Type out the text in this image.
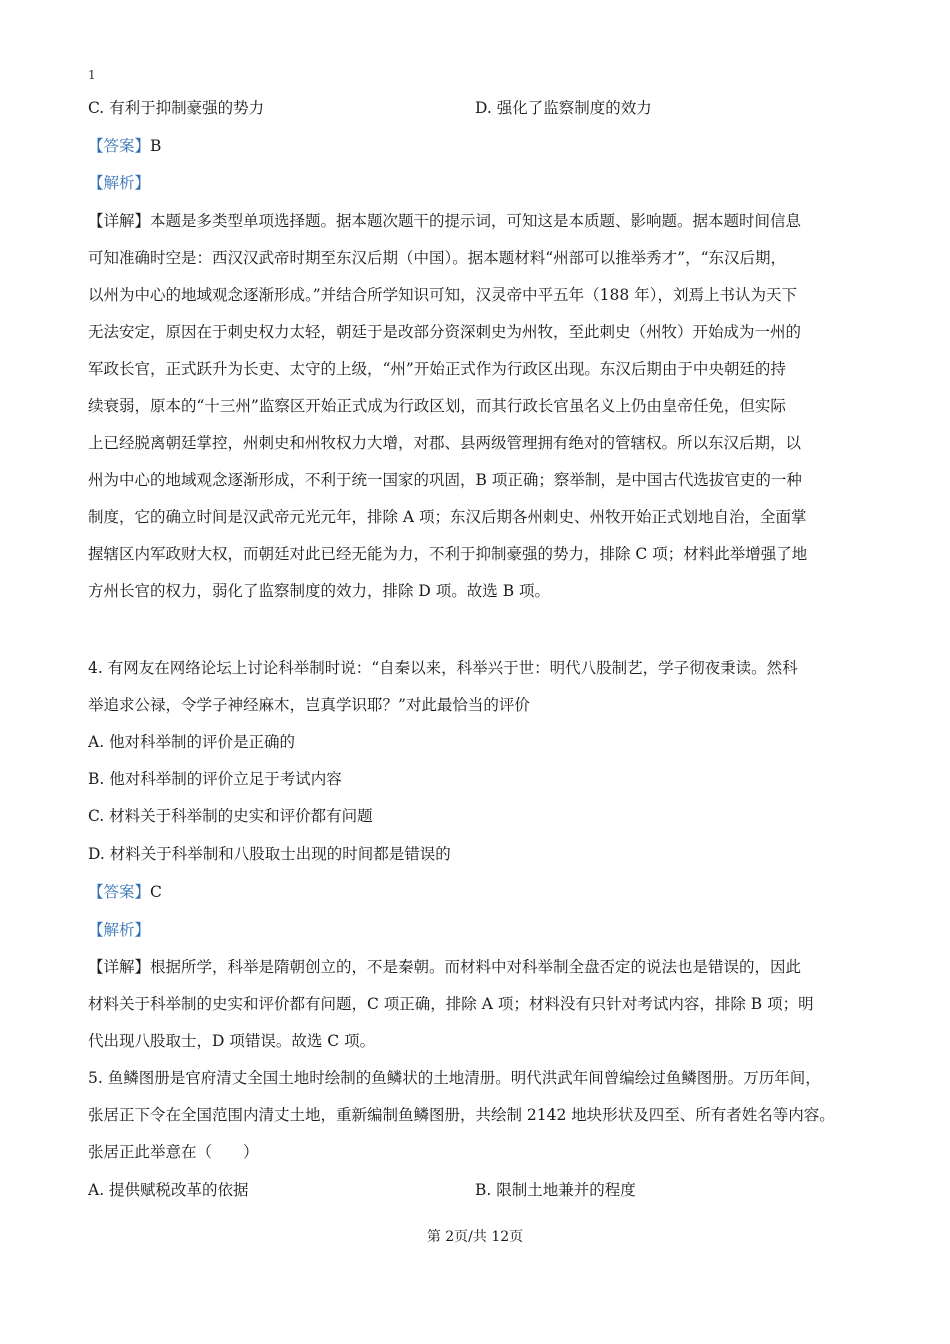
1
C. 有利于抑制豪强的势力	D. 强化了监察制度的效力
【答案】B
【解析】
【详解】本题是多类型单项选择题。据本题次题干的提示词，可知这是本质题、影响题。据本题时间信息
可知准确时空是：西汉汉武帝时期至东汉后期（中国）。据本题材料“州部可以推举秀才”，“东汉后期，
以州为中心的地域观念逐渐形成。”并结合所学知识可知，汉灵帝中平五年（188 年），刘焉上书认为天下
无法安定，原因在于刺史权力太轻，朝廷于是改部分资深刺史为州牧，至此刺史（州牧）开始成为一州的
军政长官，正式跃升为长吏、太守的上级，“州”开始正式作为行政区出现。东汉后期由于中央朝廷的持
续衰弱，原本的“十三州”监察区开始正式成为行政区划，而其行政长官虽名义上仍由皇帝任免，但实际
上已经脱离朝廷掌控，州刺史和州牧权力大增，对郡、县两级管理拥有绝对的管辖权。所以东汉后期，以
州为中心的地域观念逐渐形成，不利于统一国家的巩固，B 项正确；察举制，是中国古代选拔官吏的一种
制度，它的确立时间是汉武帝元光元年，排除 A 项；东汉后期各州刺史、州牧开始正式划地自治，全面掌
握辖区内军政财大权，而朝廷对此已经无能为力，不利于抑制豪强的势力，排除 C 项；材料此举增强了地
方州长官的权力，弱化了监察制度的效力，排除 D 项。故选 B 项。
4. 有网友在网络论坛上讨论科举制时说：“自秦以来，科举兴于世：明代八股制艺，学子彻夜秉读。然科
举追求公禄，令学子神经麻木，岂真学识耶？”对此最恰当的评价
A. 他对科举制的评价是正确的
B. 他对科举制的评价立足于考试内容
C. 材料关于科举制的史实和评价都有问题
D. 材料关于科举制和八股取士出现的时间都是错误的
【答案】C
【解析】
【详解】根据所学，科举是隋朝创立的，不是秦朝。而材料中对科举制全盘否定的说法也是错误的，因此
材料关于科举制的史实和评价都有问题，C 项正确，排除 A 项；材料没有只针对考试内容，排除 B 项；明
代出现八股取士，D 项错误。故选 C 项。
5. 鱼鳞图册是官府清丈全国土地时绘制的鱼鳞状的土地清册。明代洪武年间曾编绘过鱼鳞图册。万历年间，
张居正下令在全国范围内清丈土地，重新编制鱼鳞图册，共绘制 2142 地块形状及四至、所有者姓名等内容。
张居正此举意在（　　）
A. 提供赋税改革的依据	B. 限制土地兼并的程度
第 2页/共 12页
